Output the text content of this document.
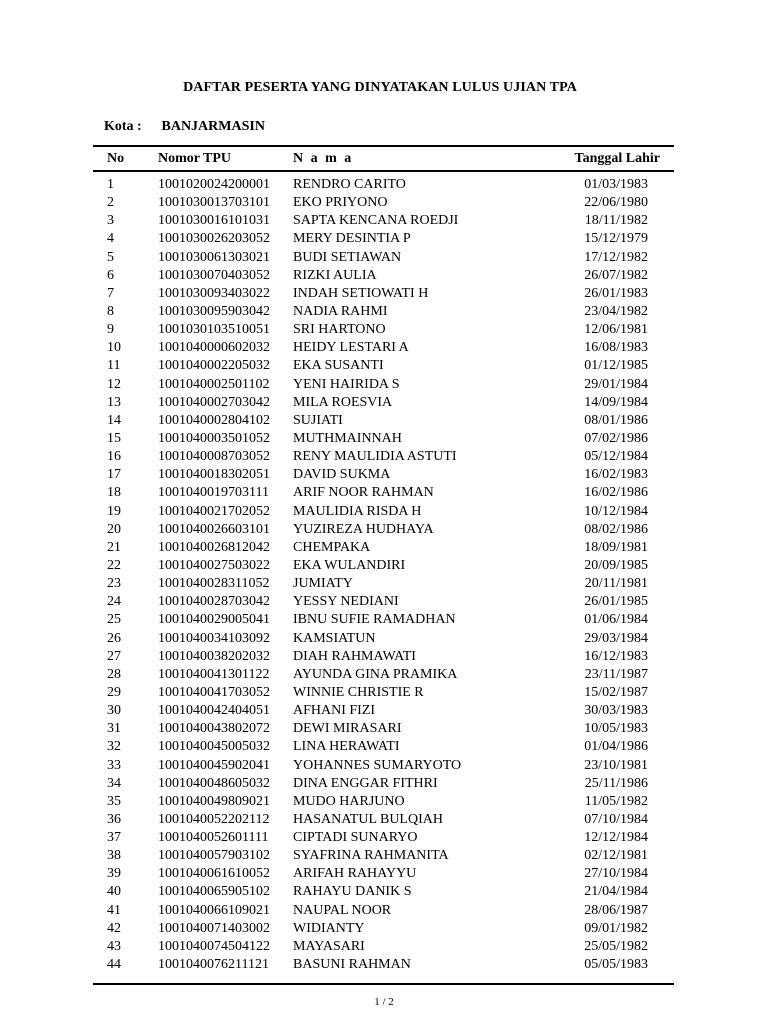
DAFTAR PESERTA YANG DINYATAKAN LULUS UJIAN TPA
Kota : BANJARMASIN
No Nomor TPU	N a m a	Tanggal Lahir
1	1001020024200001 RENDRO CARITO	01/03/1983
2	1001030013703101 EKO PRIYONO	22/06/1980
3	1001030016101031 SAPTA KENCANA ROEDJI	18/11/1982
4	1001030026203052 MERY DESINTIA P	15/12/1979
5	1001030061303021 BUDI SETIAWAN	17/12/1982
6	1001030070403052 RIZKI AULIA	26/07/1982
7	1001030093403022 INDAH SETIOWATI H	26/01/1983
8	1001030095903042 NADIA RAHMI	23/04/1982
9	1001030103510051 SRI HARTONO	12/06/1981
10	1001040000602032 HEIDY LESTARI A	16/08/1983
11	1001040002205032 EKA SUSANTI	01/12/1985
12	1001040002501102 YENI HAIRIDA S	29/01/1984
13	1001040002703042 MILA ROESVIA	14/09/1984
14	1001040002804102 SUJIATI	08/01/1986
15	1001040003501052 MUTHMAINNAH	07/02/1986
16	1001040008703052 RENY MAULIDIA ASTUTI	05/12/1984
17	1001040018302051 DAVID SUKMA	16/02/1983
18	1001040019703111 ARIF NOOR RAHMAN	16/02/1986
19	1001040021702052 MAULIDIA RISDA H	10/12/1984
20	1001040026603101 YUZIREZA HUDHAYA	08/02/1986
21	1001040026812042 CHEMPAKA	18/09/1981
22	1001040027503022 EKA WULANDIRI	20/09/1985
23	1001040028311052 JUMIATY	20/11/1981
24	1001040028703042 YESSY NEDIANI	26/01/1985
25	1001040029005041 IBNU SUFIE RAMADHAN	01/06/1984
26	1001040034103092 KAMSIATUN	29/03/1984
27	1001040038202032 DIAH RAHMAWATI	16/12/1983
28	1001040041301122 AYUNDA GINA PRAMIKA	23/11/1987
29	1001040041703052 WINNIE CHRISTIE R	15/02/1987
30	1001040042404051 AFHANI FIZI	30/03/1983
31	1001040043802072 DEWI MIRASARI	10/05/1983
32	1001040045005032 LINA HERAWATI	01/04/1986
33	1001040045902041 YOHANNES SUMARYOTO	23/10/1981
34	1001040048605032 DINA ENGGAR FITHRI	25/11/1986
35	1001040049809021 MUDO HARJUNO	11/05/1982
36	1001040052202112 HASANATUL BULQIAH	07/10/1984
37	1001040052601111 CIPTADI SUNARYO	12/12/1984
38	1001040057903102 SYAFRINA RAHMANITA	02/12/1981
39	1001040061610052 ARIFAH RAHAYYU	27/10/1984
40	1001040065905102 RAHAYU DANIK S	21/04/1984
41	1001040066109021 NAUPAL NOOR	28/06/1987
42	1001040071403002 WIDIANTY	09/01/1982
43	1001040074504122 MAYASARI	25/05/1982
44	1001040076211121 BASUNI RAHMAN	05/05/1983
1 / 2
